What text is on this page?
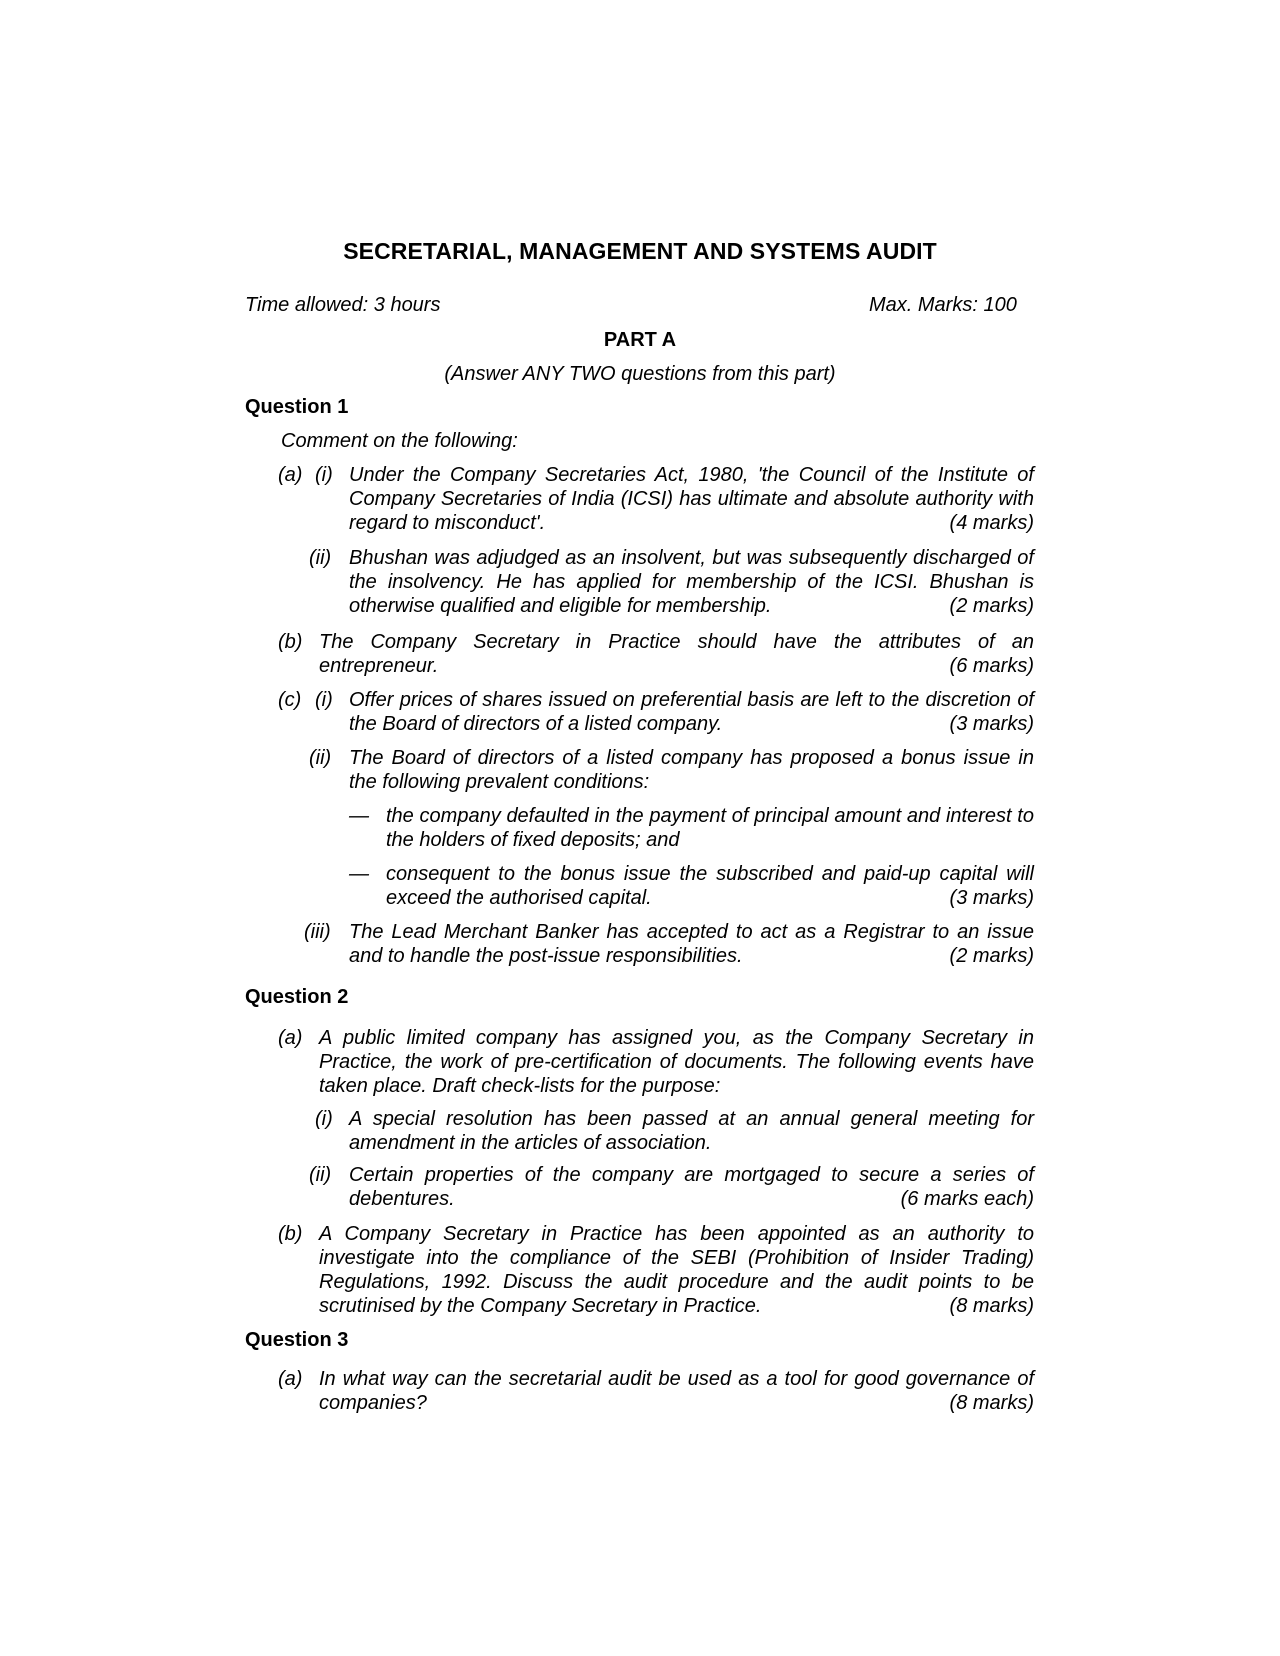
SECRETARIAL, MANAGEMENT AND SYSTEMS AUDIT
Time allowed: 3 hours	Max. Marks: 100
PART A
(Answer ANY TWO questions from this part)
Question 1
Comment on the following:
(a) (i) Under the Company Secretaries Act, 1980, 'the Council of the Institute of Company Secretaries of India (ICSI) has ultimate and absolute authority with regard to misconduct'.	(4 marks)
(ii) Bhushan was adjudged as an insolvent, but was subsequently discharged of the insolvency. He has applied for membership of the ICSI. Bhushan is otherwise qualified and eligible for membership.	(2 marks)
(b) The Company Secretary in Practice should have the attributes of an entrepreneur.	(6 marks)
(c) (i) Offer prices of shares issued on preferential basis are left to the discretion of the Board of directors of a listed company.	(3 marks)
(ii) The Board of directors of a listed company has proposed a bonus issue in the following prevalent conditions:
— the company defaulted in the payment of principal amount and interest to the holders of fixed deposits; and
— consequent to the bonus issue the subscribed and paid-up capital will exceed the authorised capital.	(3 marks)
(iii) The Lead Merchant Banker has accepted to act as a Registrar to an issue and to handle the post-issue responsibilities.	(2 marks)
Question 2
(a) A public limited company has assigned you, as the Company Secretary in Practice, the work of pre-certification of documents. The following events have taken place. Draft check-lists for the purpose:
(i) A special resolution has been passed at an annual general meeting for amendment in the articles of association.
(ii) Certain properties of the company are mortgaged to secure a series of debentures.	(6 marks each)
(b) A Company Secretary in Practice has been appointed as an authority to investigate into the compliance of the SEBI (Prohibition of Insider Trading) Regulations, 1992. Discuss the audit procedure and the audit points to be scrutinised by the Company Secretary in Practice.	(8 marks)
Question 3
(a) In what way can the secretarial audit be used as a tool for good governance of companies?	(8 marks)
